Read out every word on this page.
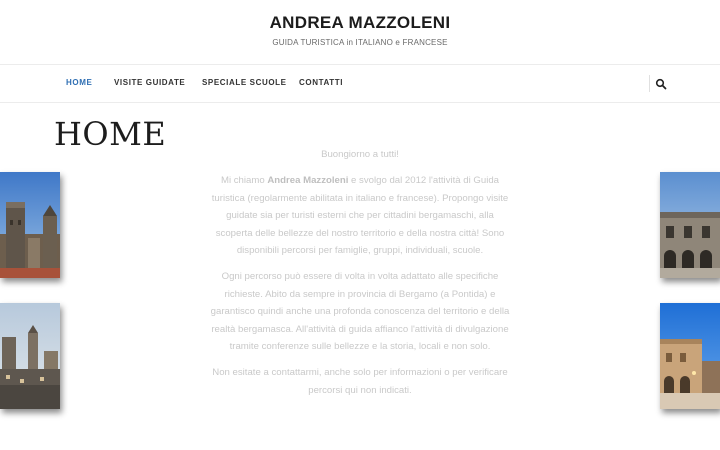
ANDREA MAZZOLENI
GUIDA TURISTICA in ITALIANO e FRANCESE
HOME	VISITE GUIDATE SPECIALE SCUOLE CONTATTI
HOME

Buongiorno a tutti!

Mi chiamo Andrea Mazzoleni e svolgo dal 2012 l'attività di Guida turistica (regolarmente abilitata in italiano e francese). Propongo visite guidate sia per turisti esterni che per cittadini bergamaschi, alla scoperta delle bellezze del nostro territorio e della nostra città! Sono disponibili percorsi per famiglie, gruppi, individuali, scuole.

Ogni percorso può essere di volta in volta adattato alle specifiche richieste. Abito da sempre in provincia di Bergamo (a Pontida) e garantisco quindi anche una profonda conoscenza del territorio e della realtà bergamasca. All'attività di guida affianco l'attività di divulgazione tramite conferenze sulle bellezze e la storia, locali e non solo.

Non esitate a contattarmi, anche solo per informazioni o per verificare percorsi qui non indicati.
